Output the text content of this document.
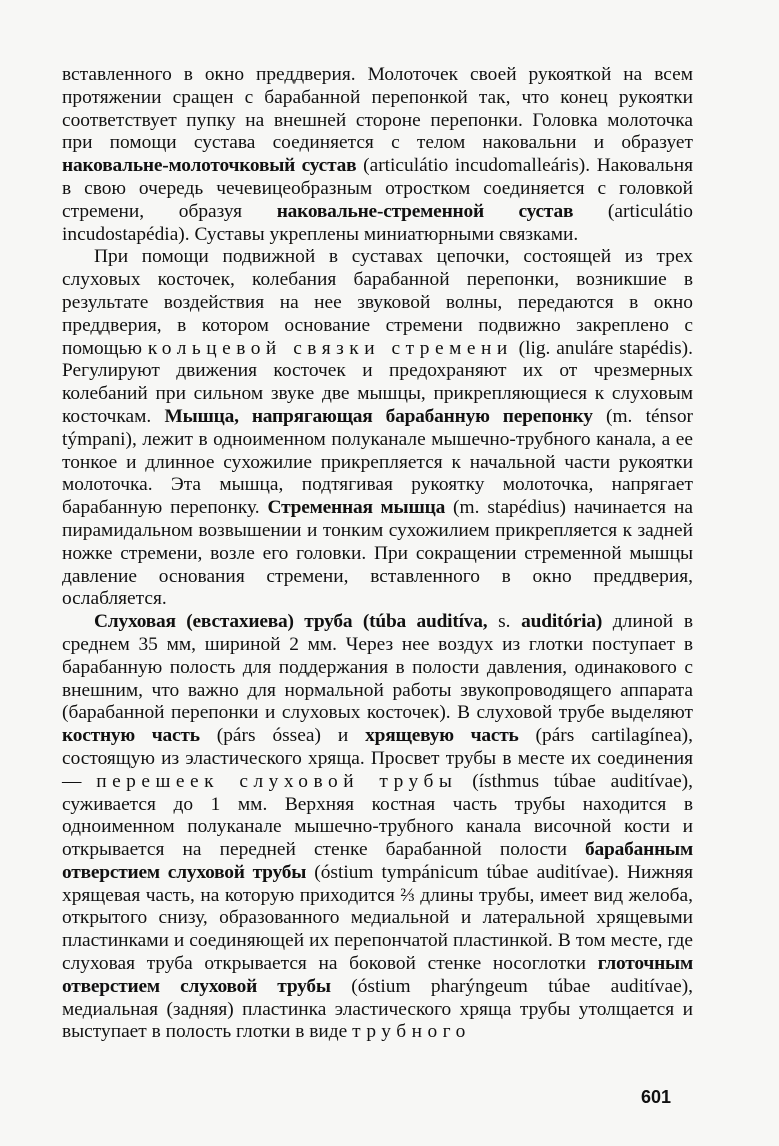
вставленного в окно преддверия. Молоточек своей рукояткой на всем протяжении сращен с барабанной перепонкой так, что конец рукоятки соответствует пупку на внешней стороне перепонки. Головка молоточка при помощи сустава соединяется с телом наковальни и образует наковальне-молоточковый сустав (articulátio incudomalleáris). Наковальня в свою очередь чечевицеобразным отростком соединяется с головкой стремени, образуя наковальне-стременной сустав (articulátio incudostapédia). Суставы укреплены миниатюрными связками.

При помощи подвижной в суставах цепочки, состоящей из трех слуховых косточек, колебания барабанной перепонки, возникшие в результате воздействия на нее звуковой волны, передаются в окно преддверия, в котором основание стремени подвижно закреплено с помощью кольцевой связки стремени (lig. anuláre stapédis). Регулируют движения косточек и предохраняют их от чрезмерных колебаний при сильном звуке две мышцы, прикрепляющиеся к слуховым косточкам. Мышца, напрягающая барабанную перепонку (m. ténsor týmpani), лежит в одноименном полуканале мышечно-трубного канала, а ее тонкое и длинное сухожилие прикрепляется к начальной части рукоятки молоточка. Эта мышца, подтягивая рукоятку молоточка, напрягает барабанную перепонку. Стременная мышца (m. stapédius) начинается на пирамидальном возвышении и тонким сухожилием прикрепляется к задней ножке стремени, возле его головки. При сокращении стременной мышцы давление основания стремени, вставленного в окно преддверия, ослабляется.

Слуховая (евстахиева) труба (túba auditíva, s. auditória) длиной в среднем 35 мм, шириной 2 мм. Через нее воздух из глотки поступает в барабанную полость для поддержания в полости давления, одинакового с внешним, что важно для нормальной работы звукопроводящего аппарата (барабанной перепонки и слуховых косточек). В слуховой трубе выделяют костную часть (párs óssea) и хрящевую часть (párs cartilagínea), состоящую из эластического хряща. Просвет трубы в месте их соединения — перешеек слуховой трубы (ísthmus túbae auditívae), суживается до 1 мм. Верхняя костная часть трубы находится в одноименном полуканале мышечно-трубного канала височной кости и открывается на передней стенке барабанной полости барабанным отверстием слуховой трубы (óstium tympánicum túbae auditívae). Нижняя хрящевая часть, на которую приходится ⅔ длины трубы, имеет вид желоба, открытого снизу, образованного медиальной и латеральной хрящевыми пластинками и соединяющей их перепончатой пластинкой. В том месте, где слуховая труба открывается на боковой стенке носоглотки глоточным отверстием слуховой трубы (óstium pharýngeum túbae auditívae), медиальная (задняя) пластинка эластического хряща трубы утолщается и выступает в полость глотки в виде трубного

601
